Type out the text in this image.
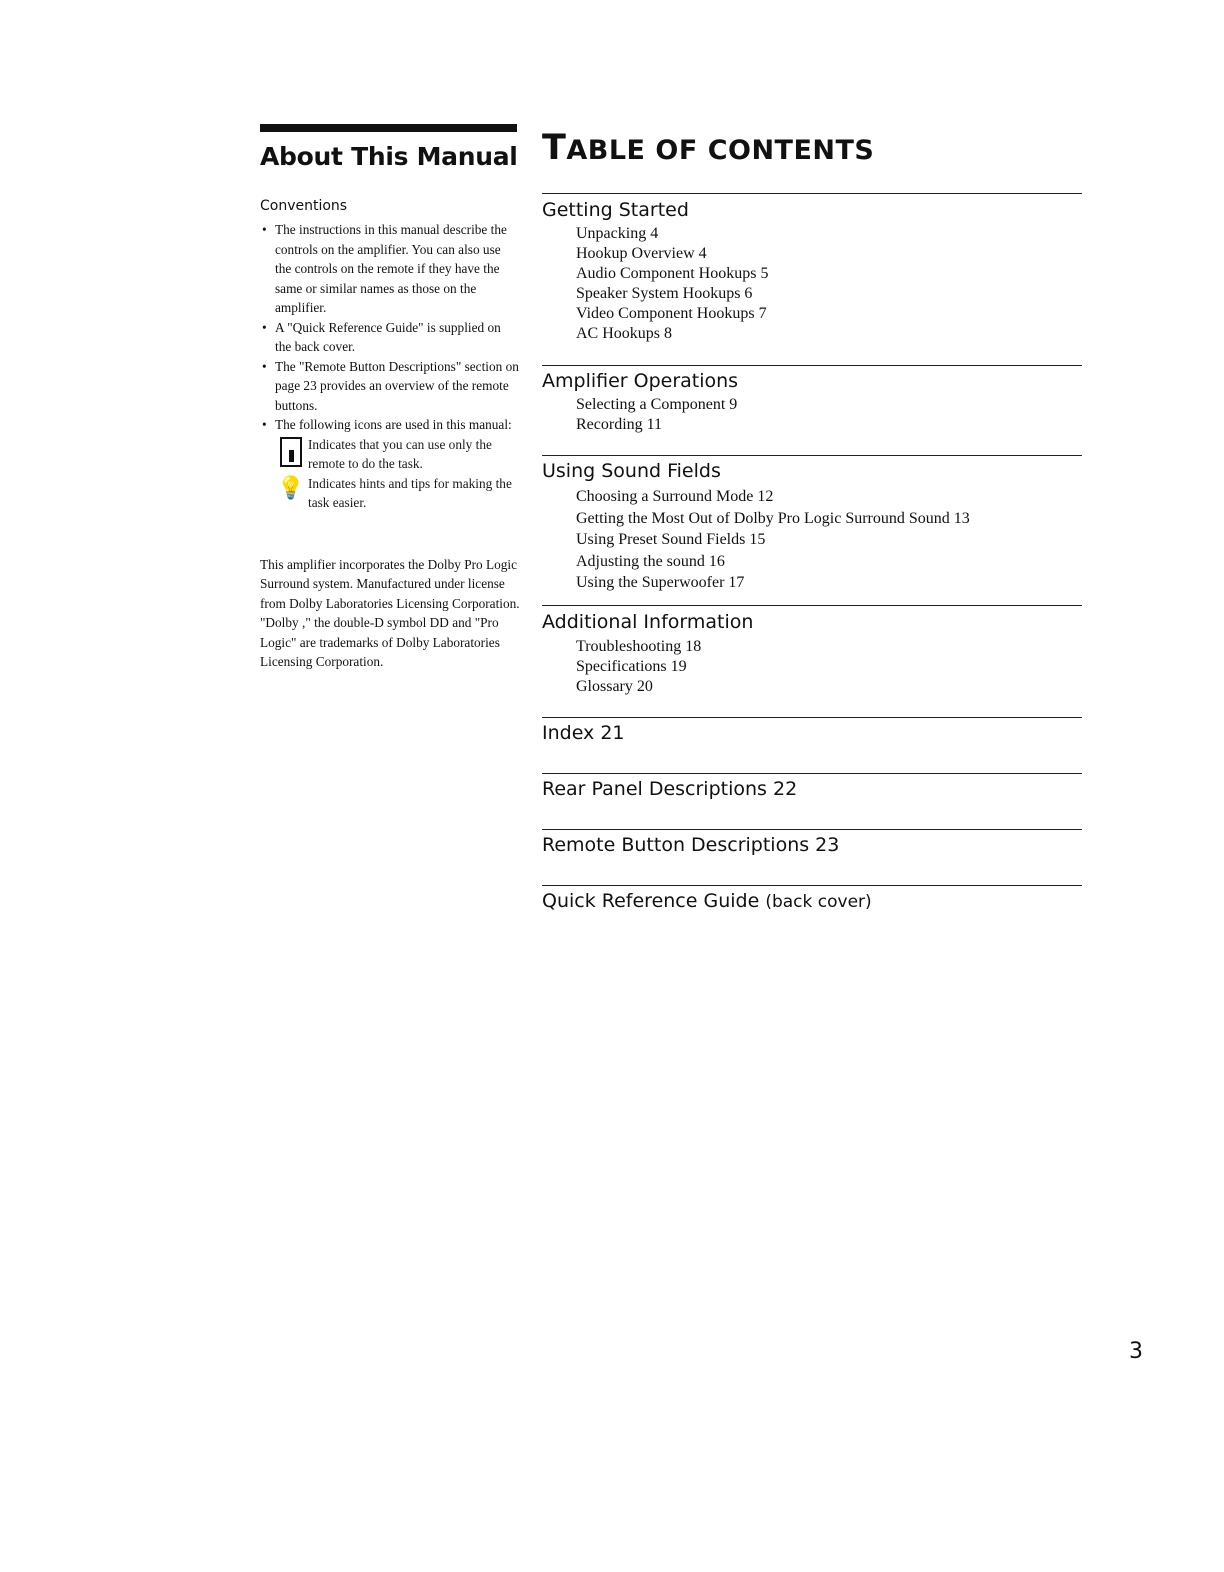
About This Manual
Conventions
• The instructions in this manual describe the controls on the amplifier. You can also use the controls on the remote if they have the same or similar names as those on the amplifier.
• A "Quick Reference Guide" is supplied on the back cover.
• The "Remote Button Descriptions" section on page 23 provides an overview of the remote buttons.
• The following icons are used in this manual:
Indicates that you can use only the remote to do the task.
💡 Indicates hints and tips for making the task easier.
This amplifier incorporates the Dolby Pro Logic Surround system. Manufactured under license from Dolby Laboratories Licensing Corporation. "Dolby ," the double-D symbol DD and "Pro Logic" are trademarks of Dolby Laboratories Licensing Corporation.
TABLE OF CONTENTS
Getting Started
Unpacking 4
Hookup Overview 4
Audio Component Hookups 5
Speaker System Hookups 6
Video Component Hookups 7
AC Hookups 8
Amplifier Operations
Selecting a Component 9
Recording 11
Using Sound Fields
Choosing a Surround Mode 12
Getting the Most Out of Dolby Pro Logic Surround Sound 13
Using Preset Sound Fields 15
Adjusting the sound 16
Using the Superwoofer 17
Additional Information
Troubleshooting 18
Specifications 19
Glossary 20
Index 21
Rear Panel Descriptions 22
Remote Button Descriptions 23
Quick Reference Guide (back cover)
3
